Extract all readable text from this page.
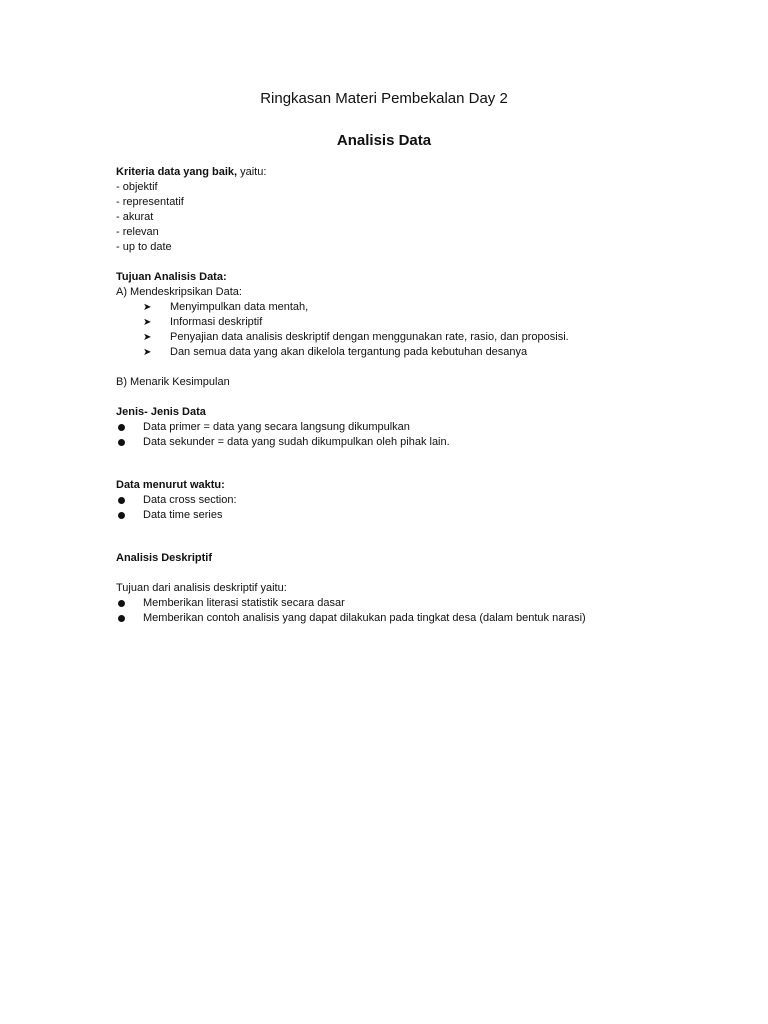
Ringkasan Materi Pembekalan Day 2
Analisis Data
Kriteria data yang baik, yaitu:
- objektif
- representatif
- akurat
- relevan
- up to date
Tujuan Analisis Data:
A) Mendeskripsikan Data:
➤ Menyimpulkan data mentah,
➤ Informasi deskriptif
➤ Penyajian data analisis deskriptif dengan menggunakan rate, rasio, dan proposisi.
➤ Dan semua data yang akan dikelola tergantung pada kebutuhan desanya
B) Menarik Kesimpulan
Jenis- Jenis Data
Data primer = data yang secara langsung dikumpulkan
Data sekunder = data yang sudah dikumpulkan oleh pihak lain.
Data menurut waktu:
Data cross section:
Data time series
Analisis Deskriptif
Tujuan dari analisis deskriptif yaitu:
Memberikan literasi statistik secara dasar
Memberikan contoh analisis yang dapat dilakukan pada tingkat desa (dalam bentuk narasi)
